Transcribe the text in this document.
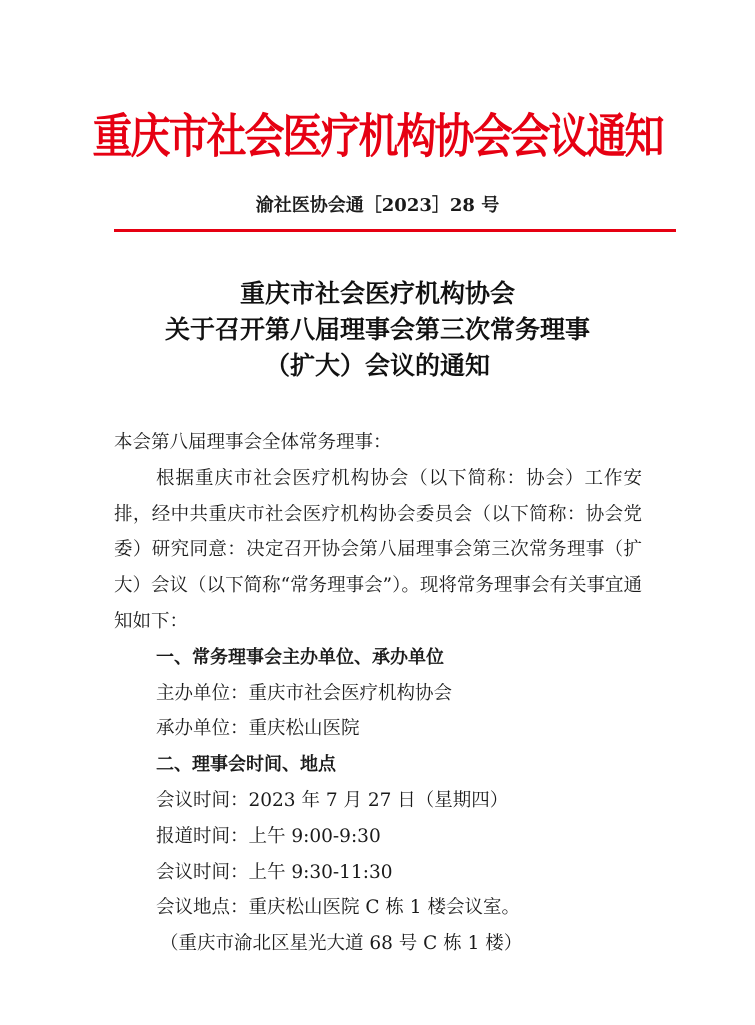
重庆市社会医疗机构协会会议通知
渝社医协会通［2023］28 号
重庆市社会医疗机构协会
关于召开第八届理事会第三次常务理事
（扩大）会议的通知

本会第八届理事会全体常务理事：

根据重庆市社会医疗机构协会（以下简称：协会）工作安排，经中共重庆市社会医疗机构协会委员会（以下简称：协会党委）研究同意：决定召开协会第八届理事会第三次常务理事（扩大）会议（以下简称“常务理事会”）。现将常务理事会有关事宜通知如下：

一、常务理事会主办单位、承办单位
主办单位：重庆市社会医疗机构协会
承办单位：重庆松山医院
二、理事会时间、地点
会议时间：2023 年 7 月 27 日（星期四）
报道时间：上午 9:00-9:30
会议时间：上午 9:30-11:30
会议地点：重庆松山医院 C 栋 1 楼会议室。
（重庆市渝北区星光大道 68 号 C 栋 1 楼）
